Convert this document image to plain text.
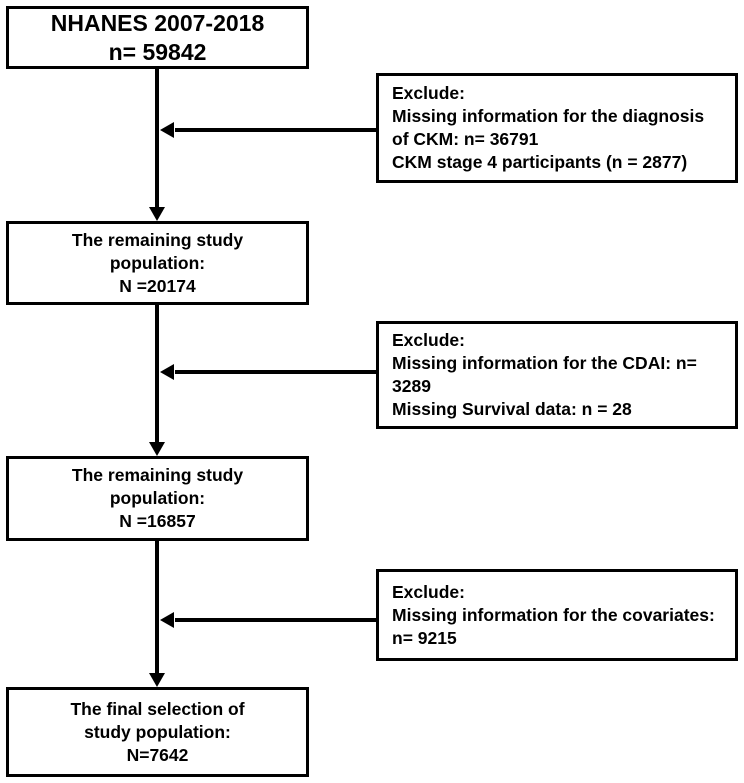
NHANES 2007-2018
n= 59842
The remaining study
population:
N =20174
The remaining study
population:
N =16857
The final selection of
study population:
N=7642
Exclude:
Missing information for the diagnosis
of CKM: n= 36791
CKM stage 4 participants (n = 2877)
Exclude:
Missing information for the CDAI: n=
3289
Missing Survival data: n = 28
Exclude:
Missing information for the covariates:
n= 9215
